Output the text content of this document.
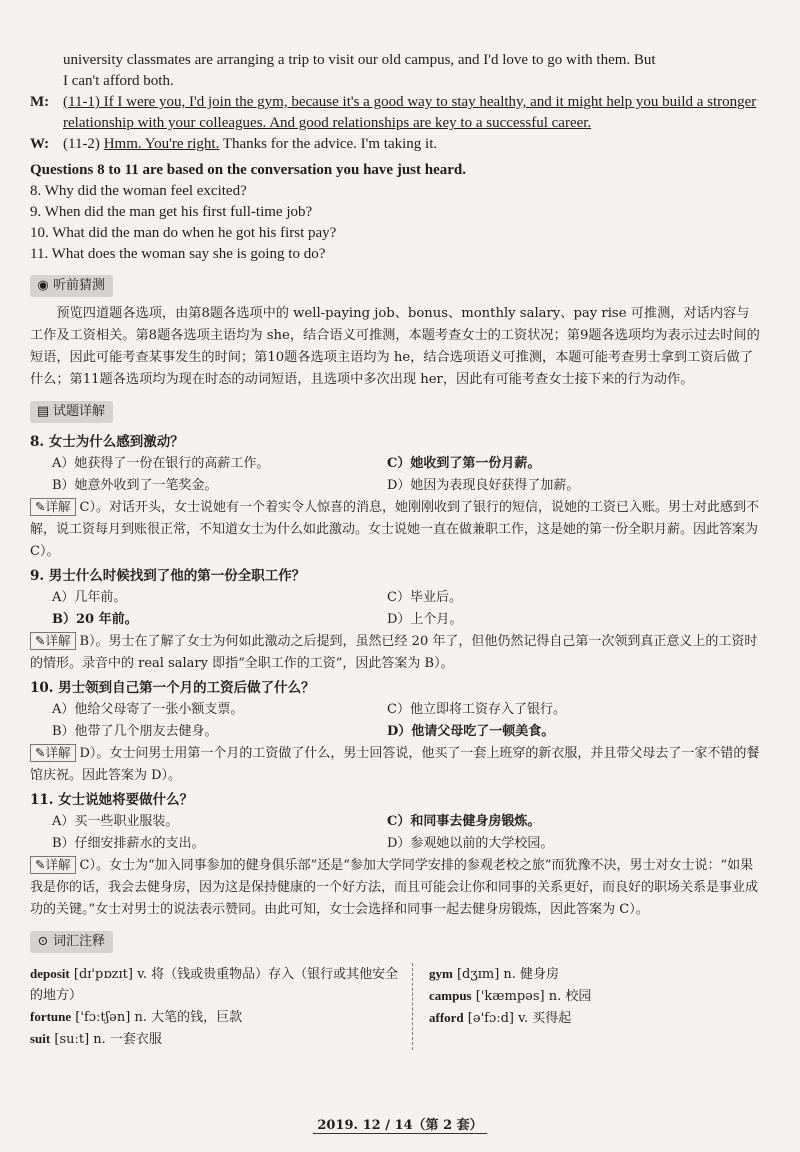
university classmates are arranging a trip to visit our old campus, and I'd love to go with them. But
I can't afford both.
M: (11-1) If I were you, I'd join the gym, because it's a good way to stay healthy, and it might help you build a stronger relationship with your colleagues. And good relationships are key to a successful career.
W: (11-2) Hmm. You're right. Thanks for the advice. I'm taking it.
Questions 8 to 11 are based on the conversation you have just heard.
8. Why did the woman feel excited?
9. When did the man get his first full-time job?
10. What did the man do when he got his first pay?
11. What does the woman say she is going to do?
◉ 听前猜测
预览四道题各选项，由第8题各选项中的 well-paying job、bonus、monthly salary、pay rise 可推测，对话内容与工作及工资相关。第8题各选项主语均为 she，结合语义可推测，本题考查女士的工资状况；第9题各选项均为表示过去时间的短语，因此可能考查某事发生的时间；第10题各选项主语均为 he，结合选项语义可推测，本题可能考查男士拿到工资后做了什么；第11题各选项均为现在时态的动词短语，且选项中多次出现 her，因此有可能考查女士接下来的行为动作。
▤ 试题详解
8. 女士为什么感到激动？
A）她获得了一份在银行的高薪工作。	C）她收到了第一份月薪。
B）她意外收到了一笔奖金。	D）她因为表现良好获得了加薪。
✎详解 C）。对话开头，女士说她有一个着实令人惊喜的消息，她刚刚收到了银行的短信，说她的工资已入账。男士对此感到不解，说工资每月到账很正常，不知道女士为什么如此激动。女士说她一直在做兼职工作，这是她的第一份全职月薪。因此答案为 C）。
9. 男士什么时候找到了他的第一份全职工作？
A）几年前。	C）毕业后。
B）20 年前。	D）上个月。
✎详解 B）。男士在了解了女士为何如此激动之后提到，虽然已经 20 年了，但他仍然记得自己第一次领到真正意义上的工资时的情形。录音中的 real salary 即指“全职工作的工资”，因此答案为 B）。
10. 男士领到自己第一个月的工资后做了什么？
A）他给父母寄了一张小额支票。	C）他立即将工资存入了银行。
B）他带了几个朋友去健身。	D）他请父母吃了一顿美食。
✎详解 D）。女士问男士用第一个月的工资做了什么，男士回答说，他买了一套上班穿的新衣服，并且带父母去了一家不错的餐馆庆祝。因此答案为 D）。
11. 女士说她将要做什么？
A）买一些职业服装。	C）和同事去健身房锻炼。
B）仔细安排薪水的支出。	D）参观她以前的大学校园。
✎详解 C）。女士为“加入同事参加的健身俱乐部”还是“参加大学同学安排的参观老校之旅”而犹豫不决，男士对女士说：“如果我是你的话，我会去健身房，因为这是保持健康的一个好方法，而且可能会让你和同事的关系更好，而良好的职场关系是事业成功的关键。”女士对男士的说法表示赞同。由此可知，女士会选择和同事一起去健身房锻炼，因此答案为 C）。
⊙ 词汇注释
deposit [dɪ'pɒzɪt] v. 将（钱或贵重物品）存入（银行或其他安全的地方）
fortune ['fɔːtʃən] n. 大笔的钱，巨款
suit [suːt] n. 一套衣服
gym [dʒɪm] n. 健身房
campus ['kæmpəs] n. 校园
afford [ə'fɔːd] v. 买得起
2019. 12 / 14（第 2 套）
